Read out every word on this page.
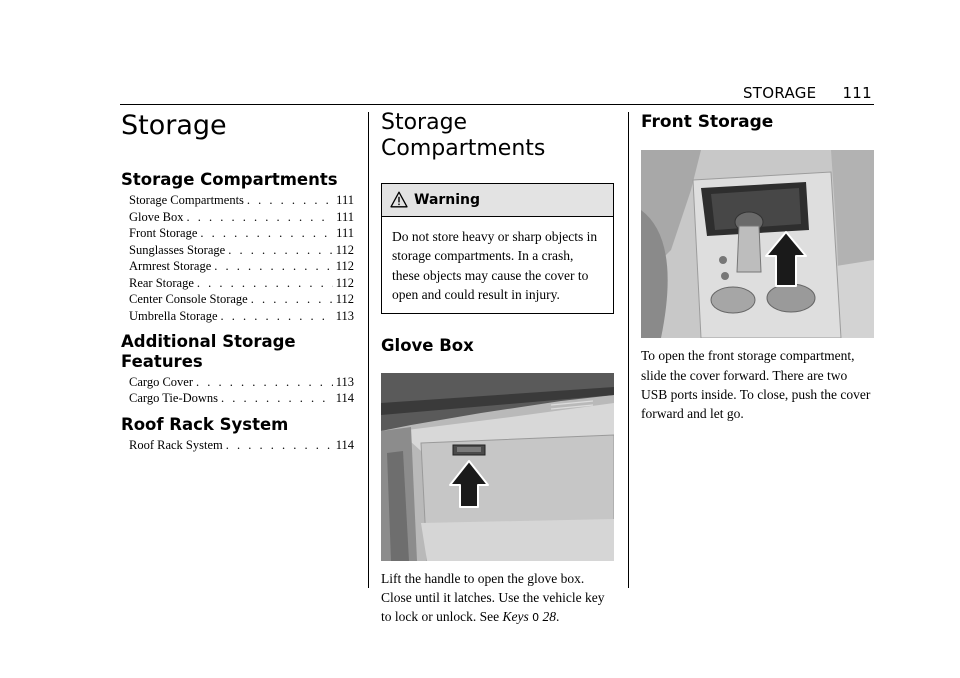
STORAGE 111
Storage
Storage Compartments
Storage Compartments . . .	111
Glove Box . . .	111
Front Storage . . .	111
Sunglasses Storage . . .	112
Armrest Storage . . .	112
Rear Storage . . .	112
Center Console Storage . . .	112
Umbrella Storage . . .	113
Additional Storage Features
Cargo Cover . . .	113
Cargo Tie-Downs . . .	114
Roof Rack System
Roof Rack System . . .	114
Storage Compartments
Warning
Do not store heavy or sharp objects in storage compartments. In a crash, these objects may cause the cover to open and could result in injury.
Glove Box

Lift the handle to open the glove box. Close until it latches. Use the vehicle key to lock or unlock. See Keys 0 28.

Front Storage

To open the front storage compartment, slide the cover forward. There are two USB ports inside. To close, push the cover forward and let go.
